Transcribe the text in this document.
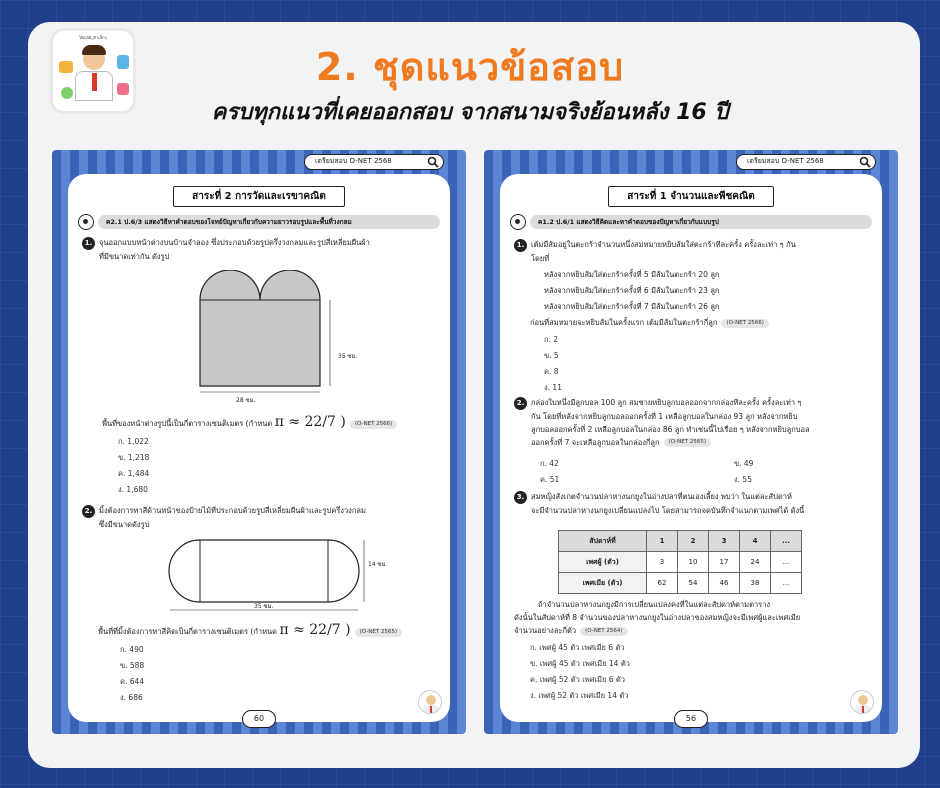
Vocab_ตัวเล็กๆ
2. ชุดแนวข้อสอบ
ครบทุกแนวที่เคยออกสอบ จากสนามจริงย้อนหลัง 16 ปี
เตรียมสอบ O-NET 2568
สาระที่ 2 การวัดและเรขาคณิต
ค2.1 ป.6/3 แสดงวิธีหาคำตอบของโจทย์ปัญหาเกี่ยวกับความยาวรอบรูปและพื้นที่วงกลม
1. จุนออกแบบหน้าต่างบนบ้านจำลอง ซึ่งประกอบด้วยรูปครึ่งวงกลมและรูปสี่เหลี่ยมผืนผ้า
ที่มีขนาดเท่ากัน ดังรูป
35 ซม.
28 ซม.
พื้นที่ของหน้าต่างรูปนี้เป็นกี่ตารางเซนติเมตร (กำหนด π ≈ 22/7 ) (O-NET 2566)
ก. 1,022
ข. 1,218
ค. 1,484
ง. 1,680
2. มิ้งต้องการทาสีด้านหน้าของป้ายไม้ที่ประกอบด้วยรูปสี่เหลี่ยมผืนผ้าและรูปครึ่งวงกลม
ซึ่งมีขนาดดังรูป
14 ซม.
35 ซม.
พื้นที่ที่มิ้งต้องการทาสีคิดเป็นกี่ตารางเซนติเมตร (กำหนด π ≈ 22/7 ) (O-NET 2565)
ก. 490
ข. 588
ค. 644
ง. 686
60
เตรียมสอบ O-NET 2568
สาระที่ 1 จำนวนและพีชคณิต
ค1.2 ป.6/1 แสดงวิธีคิดและหาคำตอบของปัญหาเกี่ยวกับแบบรูป
1. เต้มมีส้มอยู่ในตะกร้าจำนวนหนึ่งสมหมายหยิบส้มใส่ตะกร้าทีละครั้ง ครั้งละเท่า ๆ กัน
โดยที่
หลังจากหยิบส้มใส่ตะกร้าครั้งที่ 5 มีส้มในตะกร้า 20 ลูก
หลังจากหยิบส้มใส่ตะกร้าครั้งที่ 6 มีส้มในตะกร้า 23 ลูก
หลังจากหยิบส้มใส่ตะกร้าครั้งที่ 7 มีส้มในตะกร้า 26 ลูก
ก่อนที่สมหมายจะหยิบส้มในครั้งแรก เต้มมีส้มในตะกร้ากี่ลูก (O-NET 2566)
ก. 2
ข. 5
ค. 8
ง. 11
2. กล่องใบหนึ่งมีลูกบอล 100 ลูก สมชายหยิบลูกบอลออกจากกล่องทีละครั้ง ครั้งละเท่า ๆ
กัน โดยที่หลังจากหยิบลูกบอลออกครั้งที่ 1 เหลือลูกบอลในกล่อง 93 ลูก หลังจากหยิบ
ลูกบอลออกครั้งที่ 2 เหลือลูกบอลในกล่อง 86 ลูก ทำเช่นนี้ไปเรื่อย ๆ หลังจากหยิบลูกบอล
ออกครั้งที่ 7 จะเหลือลูกบอลในกล่องกี่ลูก (O-NET 2565)
ก. 42	ข. 49
ค. 51	ง. 55
3. สมหญิงสังเกตจำนวนปลาหางนกยูงในอ่างปลาที่ตนเองเลี้ยง พบว่า ในแต่ละสัปดาห์
จะมีจำนวนปลาหางนกยูงเปลี่ยนแปลงไป โดยสามารถจดบันทึกจำแนกตามเพศได้ ดังนี้
สัปดาห์ที่	1	2	3	4	...
เพศผู้ (ตัว)	3	10	17	24	...
เพศเมีย (ตัว)	62	54	46	38	...
ถ้าจำนวนปลาหางนกยูงมีการเปลี่ยนแปลงคงที่ในแต่ละสัปดาห์ตามตาราง
ดังนั้นในสัปดาห์ที่ 8 จำนวนของปลาหางนกยูงในอ่างปลาของสมหญิงจะมีเพศผู้และเพศเมีย
จำนวนอย่างละกี่ตัว (O-NET 2564)
ก. เพศผู้ 45 ตัว เพศเมีย 6 ตัว
ข. เพศผู้ 45 ตัว เพศเมีย 14 ตัว
ค. เพศผู้ 52 ตัว เพศเมีย 6 ตัว
ง. เพศผู้ 52 ตัว เพศเมีย 14 ตัว
56
